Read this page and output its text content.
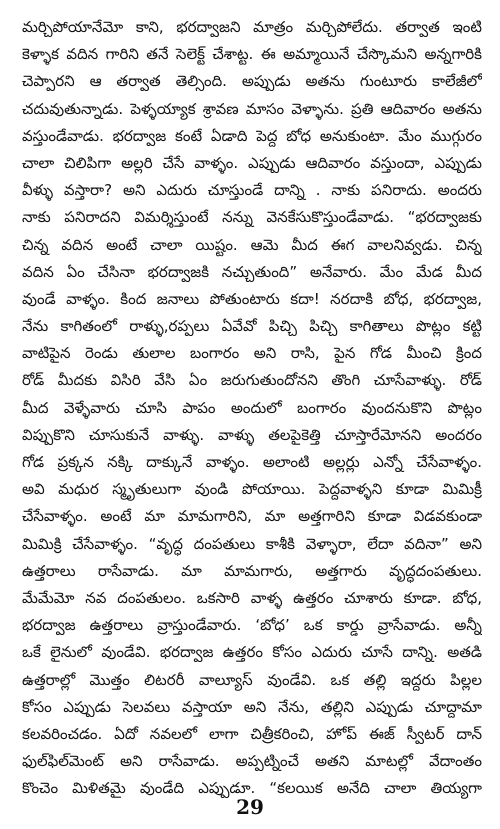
మర్చిపోయానేమో కాని, భరద్వాజని మాత్రం మర్చిపోలేదు. తర్వాత ఇంటి
కెళ్ళాక వదిన గారిని తనే సెలెక్ట్ చేశాట్ట. ఈ అమ్మాయినే చేస్కొమని అన్నగారికి
చెప్పారని ఆ తర్వాత తెల్సింది. అప్పుడు అతను గుంటూరు కాలేజీలో
చదువుతున్నాడు. పెళ్ళయ్యాక శ్రావణ మాసం వెళ్ళాను. ప్రతి ఆదివారం అతను
వస్తుండేవాడు. భరద్వాజ కంటే ఏడాది పెద్ద బోధ అనుకుంటా. మేం ముగ్గురం
చాలా చిలిపిగా అల్లరి చేసే వాళ్ళం. ఎప్పుడు ఆదివారం వస్తుందా, ఎప్పుడు
వీళ్ళు వస్తారా? అని ఎదురు చూస్తుండే దాన్ని . నాకు పనిరాదు. అందరు
నాకు పనిరాదని విమర్శిస్తుంటే నన్ను వెనకేసుకొస్తుండేవాడు. “భరద్వాజకు
చిన్న వదిన అంటే చాలా యిష్టం. ఆమె మీద ఈగ వాలనివ్వడు. చిన్న
వదిన ఏం చేసినా భరద్వాజకి నచ్చుతుంది” అనేవారు. మేం మేడ మీద
వుండే వాళ్ళం. కింద జనాలు పోతుంటారు కదా! నరదాకి బోధ, భరద్వాజ,
నేను కాగితంలో రాళ్ళు,రప్పలు ఏవేవో పిచ్చి పిచ్చి కాగితాలు పొట్లం కట్టి
వాటిపైన రెండు తులాల బంగారం అని రాసి, పైన గోడ మీంచి క్రింద
రోడ్ మీదకు విసిరి వేసి ఏం జరుగుతుందోనని తొంగి చూసేవాళ్ళు. రోడ్
మీద వెళ్ళేవారు చూసి పాపం అందులో బంగారం వుందనుకొని పొట్లం
విప్పుకొని చూసుకునే వాళ్ళు. వాళ్ళు తలపైకెత్తి చూస్తారేమోనని అందరం
గోడ ప్రక్కన నక్కి దాక్కునే వాళ్ళం. అలాంటి అల్లర్లు ఎన్నో చేసేవాళ్ళం.
అవి మధుర స్మృతులుగా వుండి పోయాయి. పెద్దవాళ్ళని కూడా మిమిక్రీ
చేసేవాళ్ళం. అంటే మా మామగారిని, మా అత్తగారిని కూడా విడవకుండా
మిమిక్రి చేసేవాళ్ళం. “వృద్ధ దంపతులు కాశీకి వెళ్ళారా, లేదా వదినా” అని
ఉత్తరాలు రాసేవాడు. మా మామగారు, అత్తగారు వృద్ధదంపతులు.
మేమేమో నవ దంపతులం. ఒకసారి వాళ్ళ ఉత్తరం చూశారు కూడా. బోధ,
భరద్వాజ ఉత్తరాలు వ్రాస్తుండేవారు. ‘బోధ’ ఒక కార్డు వ్రాసేవాడు. అన్నీ
ఒకే లైనులో వుండేవి. భరద్వాజ ఉత్తరం కోసం ఎదురు చూసే దాన్ని. అతడి
ఉత్తరాల్లో మొత్తం లిటరరీ వాల్యూస్ వుండేవి. ఒక తల్లి ఇద్దరు పిల్లల
కోసం ఎప్పుడు సెలవలు వస్తాయా అని నేను, తల్లిని ఎప్పుడు చూద్దామా
కలవరించడం. ఏదో నవలలో లాగా చిత్రీకరించి, హోప్ ఈజ్ స్వీటర్ దాన్
ఫుల్‌ఫిల్‌మెంట్ అని రాసేవాడు. అప్పట్నించే అతని మాటల్లో వేదాంతం
కొంచెం మిళితమై వుండేది ఎప్పుడూ. “కలయిక అనేది చాలా తియ్యగా
29
